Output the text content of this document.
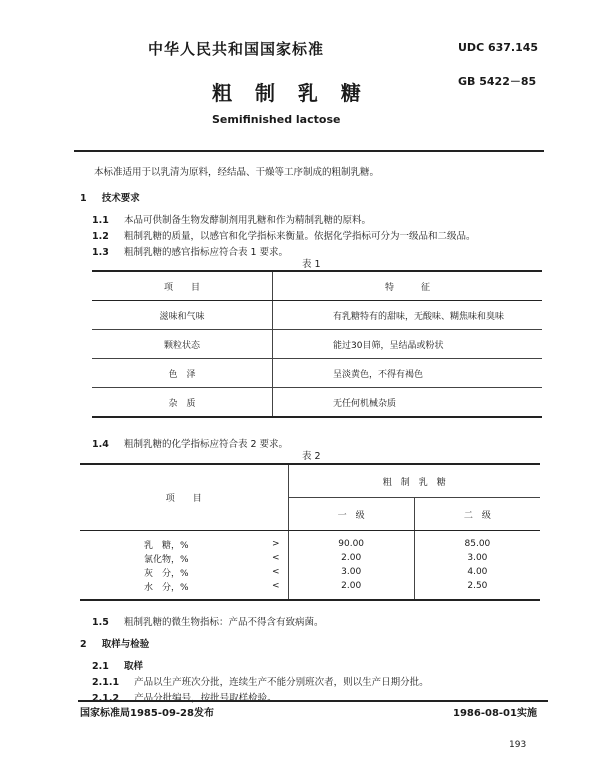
中华人民共和国国家标准	UDC 637.145
粗 制 乳 糖	GB 5422－85
Semifinished lactose
本标准适用于以乳清为原料，经结晶、干燥等工序制成的粗制乳糖。
1 技术要求
1.1 本品可供制备生物发酵制剂用乳糖和作为精制乳糖的原料。
1.2 粗制乳糖的质量，以感官和化学指标来衡量。依据化学指标可分为一级品和二级品。
1.3 粗制乳糖的感官指标应符合表 1 要求。
表 1
项　　目	特　　　征
滋味和气味	有乳糖特有的甜味，无酸味、糊焦味和臭味
颗粒状态	能过30目筛，呈结晶或粉状
色　泽	呈淡黄色，不得有褐色
杂　质	无任何机械杂质
1.4 粗制乳糖的化学指标应符合表 2 要求。
表 2
项　　目		粗　制　乳　糖	
		一　级	二　级
乳　糖，%	>	90.00	85.00
氯化物，%	<	2.00	3.00
灰　分，%	<	3.00	4.00
水　分，%	<	2.00	2.50
1.5 粗制乳糖的微生物指标：产品不得含有致病菌。
2 取样与检验
2.1 取样
2.1.1 产品以生产班次分批，连续生产不能分别班次者，则以生产日期分批。
2.1.2 产品分批编号，按批号取样检验。
国家标准局1985-09-28发布	1986-08-01实施
193
